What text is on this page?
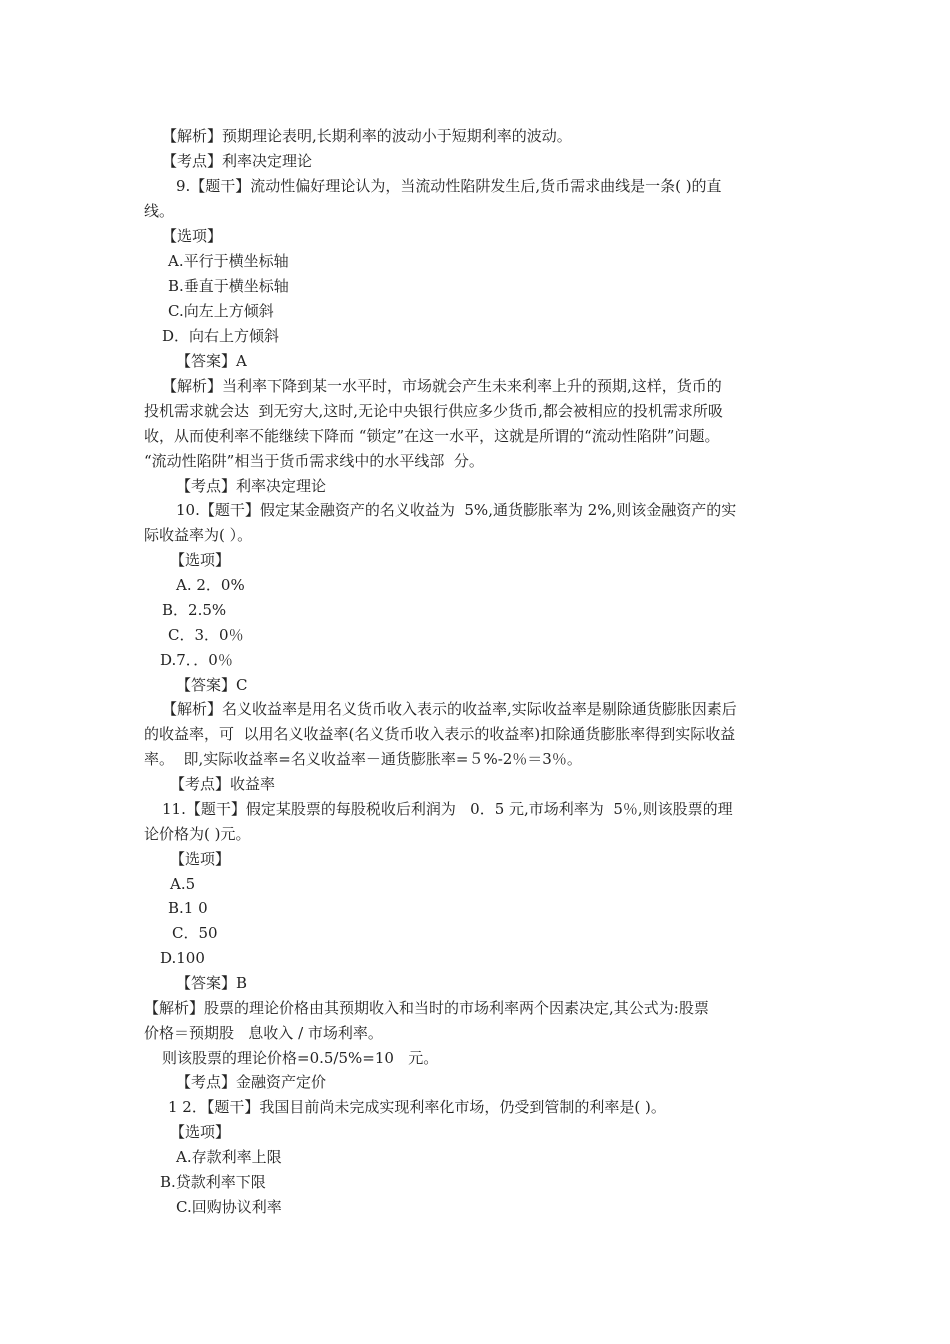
【解析】预期理论表明,长期利率的波动小于短期利率的波动。
【考点】利率决定理论
9.【题干】流动性偏好理论认为，当流动性陷阱发生后,货币需求曲线是一条( )的直
线。
【选项】
A.平行于横坐标轴
B.垂直于横坐标轴
C.向左上方倾斜
D．向右上方倾斜
【答案】A
【解析】当利率下降到某一水平时，市场就会产生未来利率上升的预期,这样，货币的
投机需求就会达  到无穷大,这时,无论中央银行供应多少货币,都会被相应的投机需求所吸
收，从而使利率不能继续下降而 “锁定”在这一水平，这就是所谓的“流动性陷阱”问题。
“流动性陷阱”相当于货币需求线中的水平线部  分。
【考点】利率决定理论
10.【题干】假定某金融资产的名义收益为  5%,通货膨胀率为 2%,则该金融资产的实
际收益率为( ）。
【选项】
A. 2．0%
B．2.5%
C．3．0％
D.7．．0％
【答案】C
【解析】名义收益率是用名义货币收入表示的收益率,实际收益率是剔除通货膨胀因素后
的收益率，可  以用名义收益率(名义货币收入表示的收益率)扣除通货膨胀率得到实际收益
率。  即,实际收益率=名义收益率－通货膨胀率=５%-2％＝3％。
【考点】收益率
11.【题干】假定某股票的每股税收后利润为   0．5 元,市场利率为  5％,则该股票的理
论价格为( )元。
【选项】
A.5
B.1 0
C．50
D.100
【答案】B
【解析】股票的理论价格由其预期收入和当时的市场利率两个因素决定,其公式为:股票
价格＝预期股   息收入 / 市场利率。
则该股票的理论价格=0.5/5%=10   元。
【考点】金融资产定价
1 2．【题干】我国目前尚未完成实现利率化市场，仍受到管制的利率是( )。
【选项】
A.存款利率上限
B.贷款利率下限
C.回购协议利率
